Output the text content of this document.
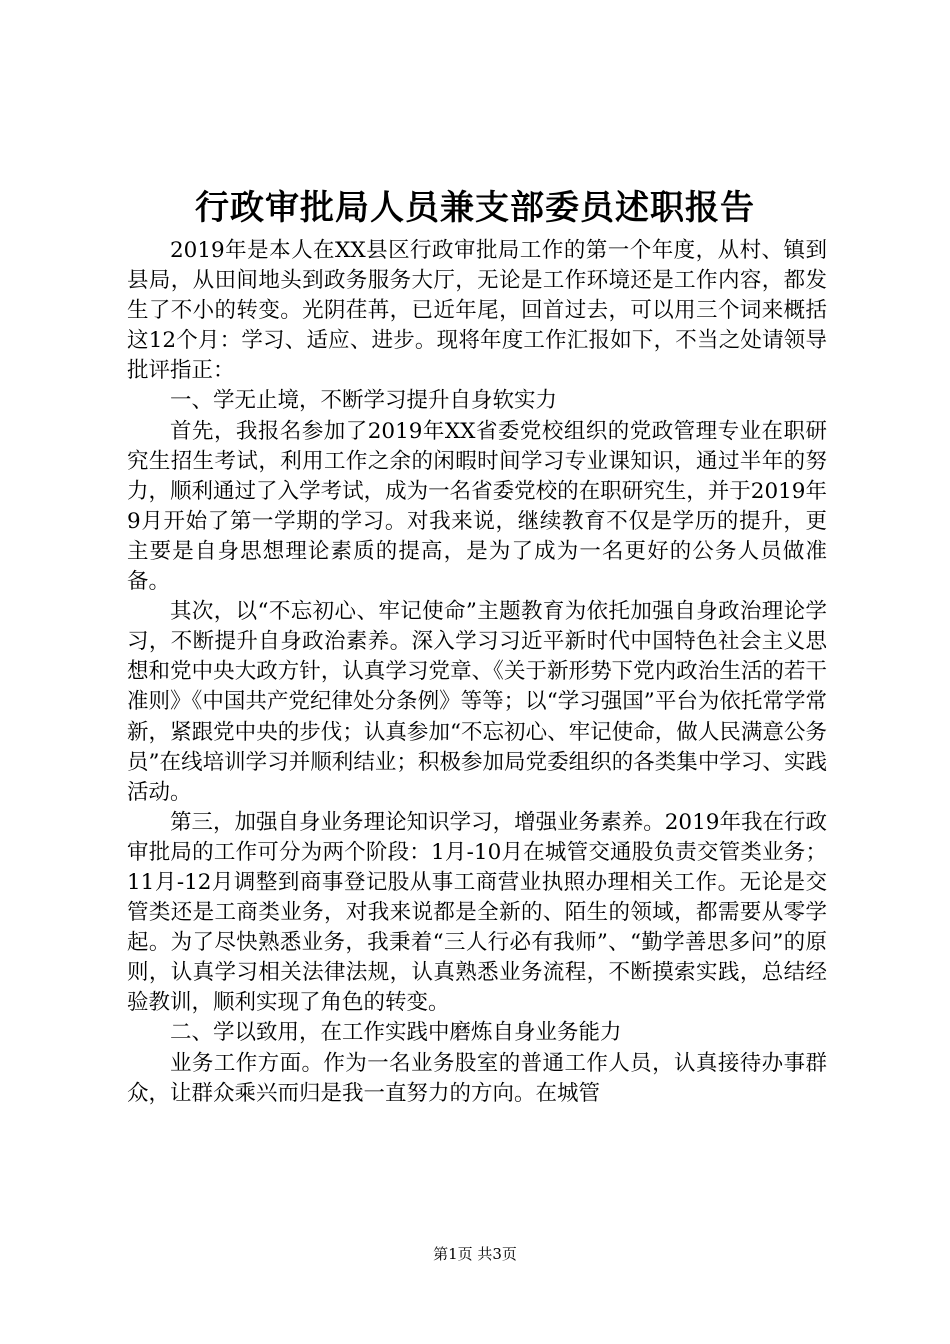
行政审批局人员兼支部委员述职报告

2019年是本人在XX县区行政审批局工作的第一个年度，从村、镇到县局，从田间地头到政务服务大厅，无论是工作环境还是工作内容，都发生了不小的转变。光阴荏苒，已近年尾，回首过去，可以用三个词来概括这12个月：学习、适应、进步。现将年度工作汇报如下，不当之处请领导批评指正：

一、学无止境，不断学习提升自身软实力

首先，我报名参加了2019年XX省委党校组织的党政管理专业在职研究生招生考试，利用工作之余的闲暇时间学习专业课知识，通过半年的努力，顺利通过了入学考试，成为一名省委党校的在职研究生，并于2019年9月开始了第一学期的学习。对我来说，继续教育不仅是学历的提升，更主要是自身思想理论素质的提高，是为了成为一名更好的公务人员做准备。

其次，以“不忘初心、牢记使命”主题教育为依托加强自身政治理论学习，不断提升自身政治素养。深入学习习近平新时代中国特色社会主义思想和党中央大政方针，认真学习党章、《关于新形势下党内政治生活的若干准则》《中国共产党纪律处分条例》等等；以“学习强国”平台为依托常学常新，紧跟党中央的步伐；认真参加“不忘初心、牢记使命，做人民满意公务员”在线培训学习并顺利结业；积极参加局党委组织的各类集中学习、实践活动。

第三，加强自身业务理论知识学习，增强业务素养。2019年我在行政审批局的工作可分为两个阶段：1月-10月在城管交通股负责交管类业务；11月-12月调整到商事登记股从事工商营业执照办理相关工作。无论是交管类还是工商类业务，对我来说都是全新的、陌生的领域，都需要从零学起。为了尽快熟悉业务，我秉着“三人行必有我师”、“勤学善思多问”的原则，认真学习相关法律法规，认真熟悉业务流程，不断摸索实践，总结经验教训，顺利实现了角色的转变。

二、学以致用，在工作实践中磨炼自身业务能力

业务工作方面。作为一名业务股室的普通工作人员，认真接待办事群众，让群众乘兴而归是我一直努力的方向。在城管

第1页 共3页
